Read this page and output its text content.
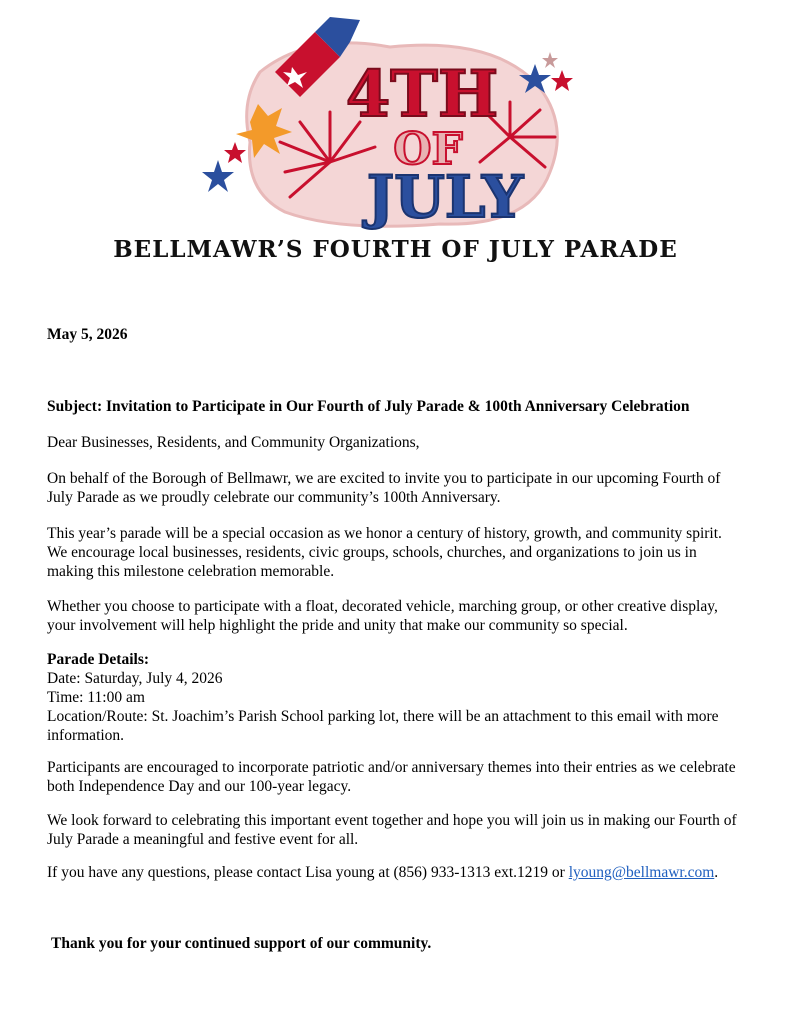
4TH
OF
JULY
BELLMAWR’S FOURTH OF JULY PARADE
May 5, 2026
Subject: Invitation to Participate in Our Fourth of July Parade & 100th Anniversary Celebration
Dear Businesses, Residents, and Community Organizations,
On behalf of the Borough of Bellmawr, we are excited to invite you to participate in our upcoming Fourth of
July Parade as we proudly celebrate our community’s 100th Anniversary.
This year’s parade will be a special occasion as we honor a century of history, growth, and community spirit.
We encourage local businesses, residents, civic groups, schools, churches, and organizations to join us in
making this milestone celebration memorable.
Whether you choose to participate with a float, decorated vehicle, marching group, or other creative display,
your involvement will help highlight the pride and unity that make our community so special.
Parade Details:
Date: Saturday, July 4, 2026
Time: 11:00 am
Location/Route: St. Joachim’s Parish School parking lot, there will be an attachment to this email with more
information.
Participants are encouraged to incorporate patriotic and/or anniversary themes into their entries as we celebrate
both Independence Day and our 100-year legacy.
We look forward to celebrating this important event together and hope you will join us in making our Fourth of
July Parade a meaningful and festive event for all.
If you have any questions, please contact Lisa young at (856) 933-1313 ext.1219 or lyoung@bellmawr.com.
Thank you for your continued support of our community.
